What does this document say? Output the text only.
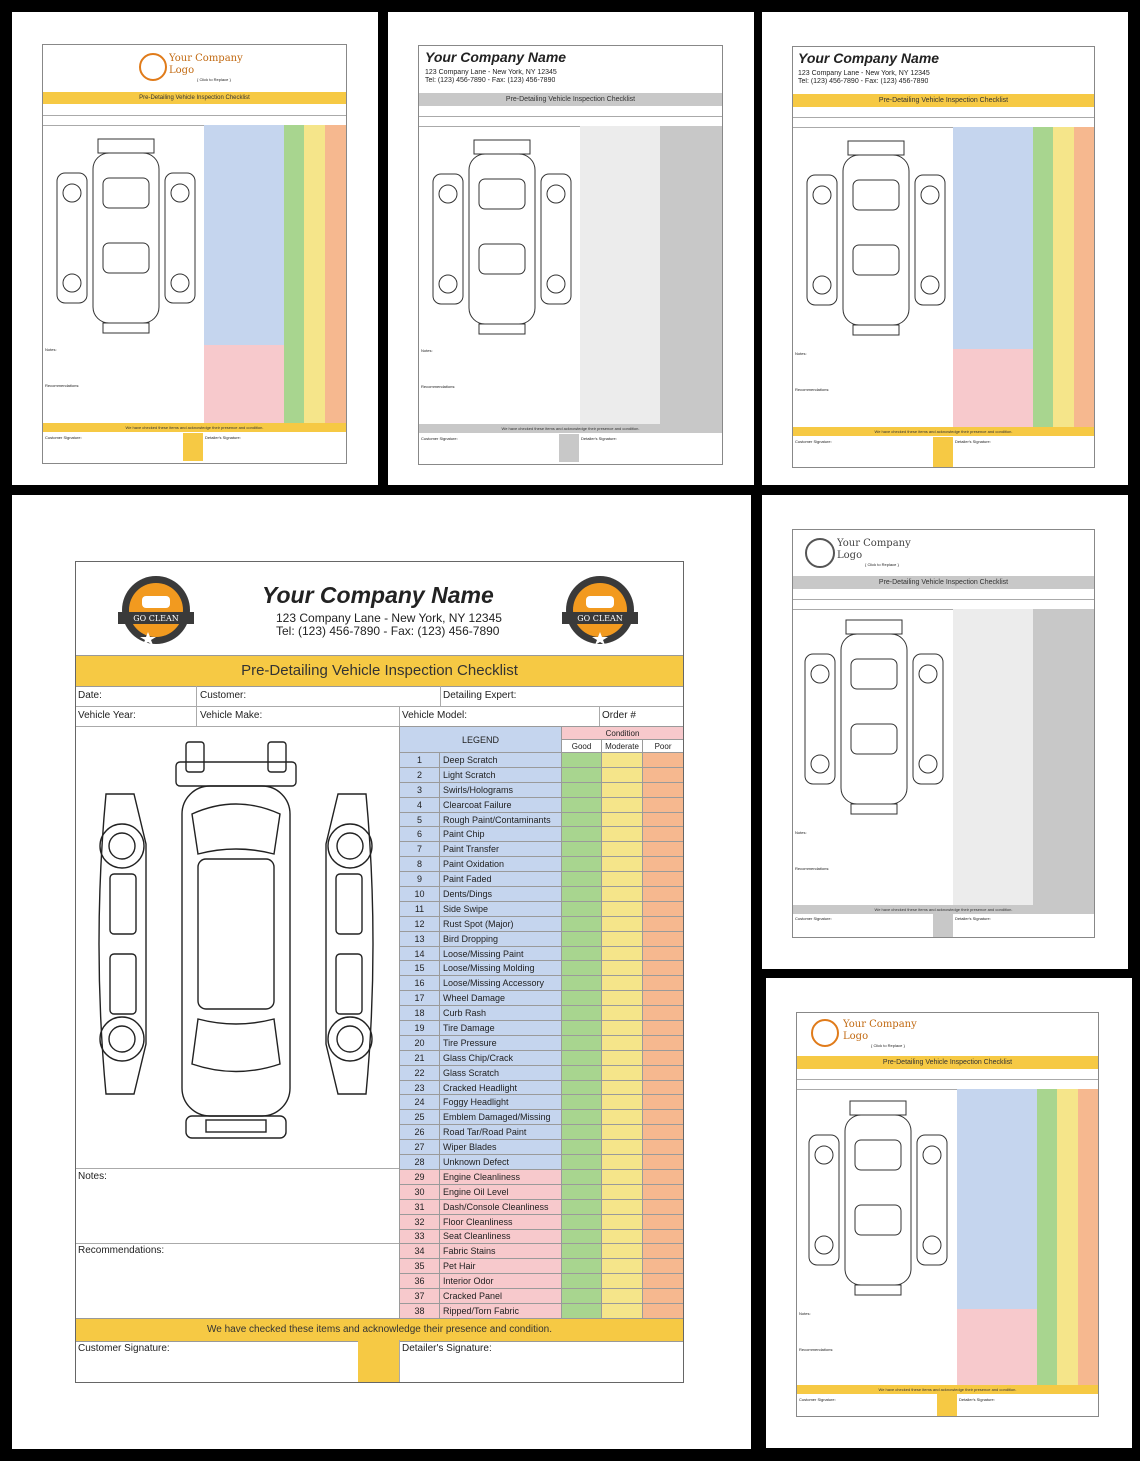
Your Company
Logo
{ Click to Replace }
Pre-Detailing Vehicle Inspection Checklist
Notes:
Recommendations:
We have checked these items and acknowledge their presence and condition.
Customer Signature:	Detailer's Signature:
Your Company Name
123 Company Lane - New York, NY 12345
Tel: (123) 456-7890 - Fax: (123) 456-7890
Pre-Detailing Vehicle Inspection Checklist
Notes:
Recommendations:
We have checked these items and acknowledge their presence and condition.
Customer Signature:	Detailer's Signature:
Your Company Name
123 Company Lane - New York, NY 12345
Tel: (123) 456-7890 - Fax: (123) 456-7890
Pre-Detailing Vehicle Inspection Checklist
Notes:
Recommendations:
We have checked these items and acknowledge their presence and condition.
Customer Signature:	Detailer's Signature:
GO CLEAN
Your Company Name
123 Company Lane - New York, NY 12345
Tel: (123) 456-7890 - Fax: (123) 456-7890
GO CLEAN
Pre-Detailing Vehicle Inspection Checklist
Date:	Customer:	Detailing Expert:
Vehicle Year:	Vehicle Make:	Vehicle Model:	Order #
Notes:
Recommendations:
LEGEND		Condition		
		Good	Moderate	Poor
1	Deep Scratch			
2	Light Scratch			
3	Swirls/Holograms			
4	Clearcoat Failure			
5	Rough Paint/Contaminants			
6	Paint Chip			
7	Paint Transfer			
8	Paint Oxidation			
9	Paint Faded			
10	Dents/Dings			
11	Side Swipe			
12	Rust Spot (Major)			
13	Bird Dropping			
14	Loose/Missing Paint			
15	Loose/Missing Molding			
16	Loose/Missing Accessory			
17	Wheel Damage			
18	Curb Rash			
19	Tire Damage			
20	Tire Pressure			
21	Glass Chip/Crack			
22	Glass Scratch			
23	Cracked Headlight			
24	Foggy Headlight			
25	Emblem Damaged/Missing			
26	Road Tar/Road Paint			
27	Wiper Blades			
28	Unknown Defect			
29	Engine Cleanliness			
30	Engine Oil Level			
31	Dash/Console Cleanliness			
32	Floor Cleanliness			
33	Seat Cleanliness			
34	Fabric Stains			
35	Pet Hair			
36	Interior Odor			
37	Cracked Panel			
38	Ripped/Torn Fabric			
We have checked these items and acknowledge their presence and condition.
Customer Signature:	Detailer's Signature:
Your Company
Logo
{ Click to Replace }
Pre-Detailing Vehicle Inspection Checklist
Notes:
Recommendations:
We have checked these items and acknowledge their presence and condition.
Customer Signature:	Detailer's Signature:
Your Company
Logo
{ Click to Replace }
Pre-Detailing Vehicle Inspection Checklist
Notes:
Recommendations:
We have checked these items and acknowledge their presence and condition.
Customer Signature:	Detailer's Signature:
